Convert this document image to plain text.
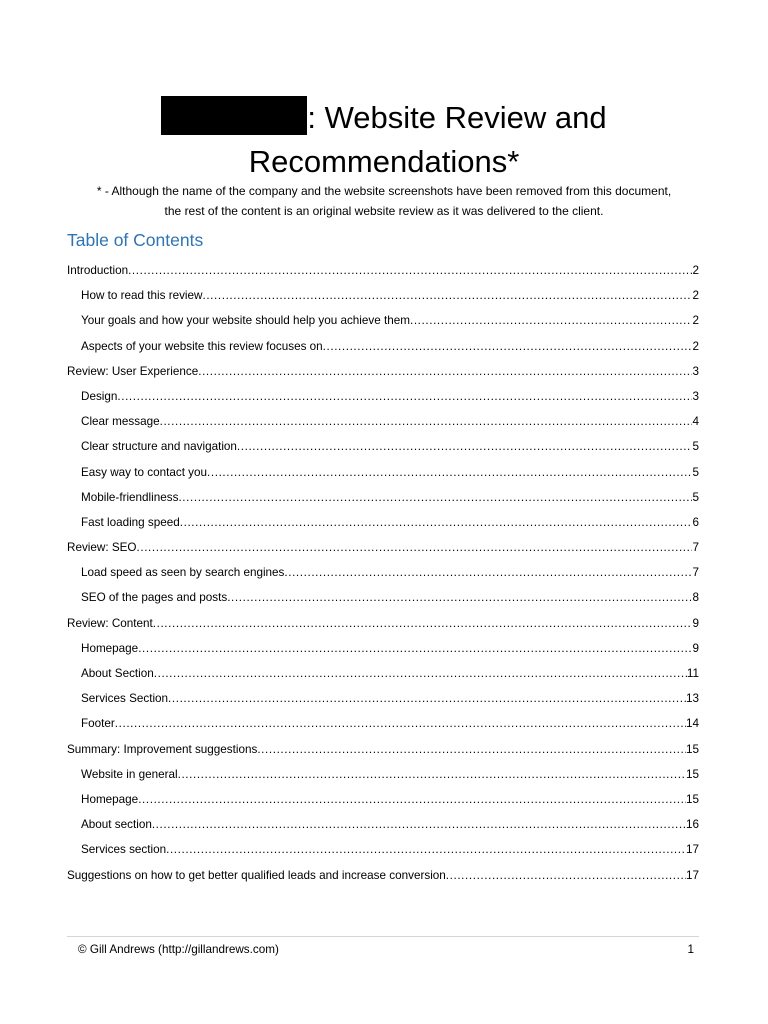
: Website Review and
Recommendations*
* - Although the name of the company and the website screenshots have been removed from this document,
the rest of the content is an original website review as it was delivered to the client.
Table of Contents
Introduction .....	2
How to read this review .....	2
Your goals and how your website should help you achieve them .....	2
Aspects of your website this review focuses on .....	2
Review: User Experience .....	3
Design .....	3
Clear message .....	4
Clear structure and navigation .....	5
Easy way to contact you .....	5
Mobile-friendliness .....	5
Fast loading speed .....	6
Review: SEO .....	7
Load speed as seen by search engines .....	7
SEO of the pages and posts .....	8
Review: Content .....	9
Homepage .....	9
About Section .....	11
Services Section .....	13
Footer .....	14
Summary: Improvement suggestions .....	15
Website in general .....	15
Homepage .....	15
About section .....	16
Services section .....	17
Suggestions on how to get better qualified leads and increase conversion .....	17
© Gill Andrews (http://gillandrews.com)	1
